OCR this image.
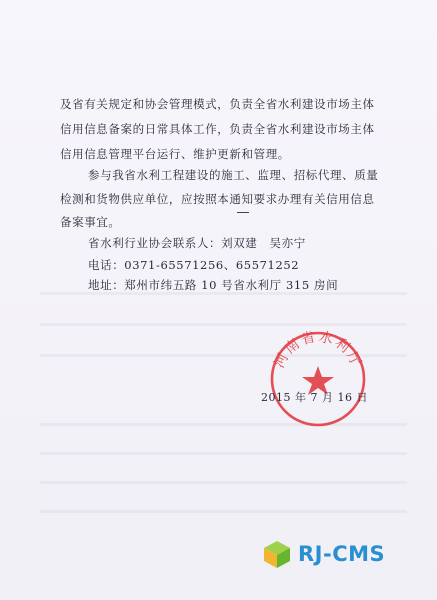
及省有关规定和协会管理模式，负责全省水利建设市场主体
信用信息备案的日常具体工作，负责全省水利建设市场主体
信用信息管理平台运行、维护更新和管理。
参与我省水利工程建设的施工、监理、招标代理、质量
检测和货物供应单位，应按照本通知要求办理有关信用信息
备案事宜。
省水利行业协会联系人：刘双建　吴亦宁
电话：0371-65571256、65571252
地址：郑州市纬五路 10 号省水利厅 315 房间
河南省水利厅
2015 年 7 月 16 日
RJ-CMS
